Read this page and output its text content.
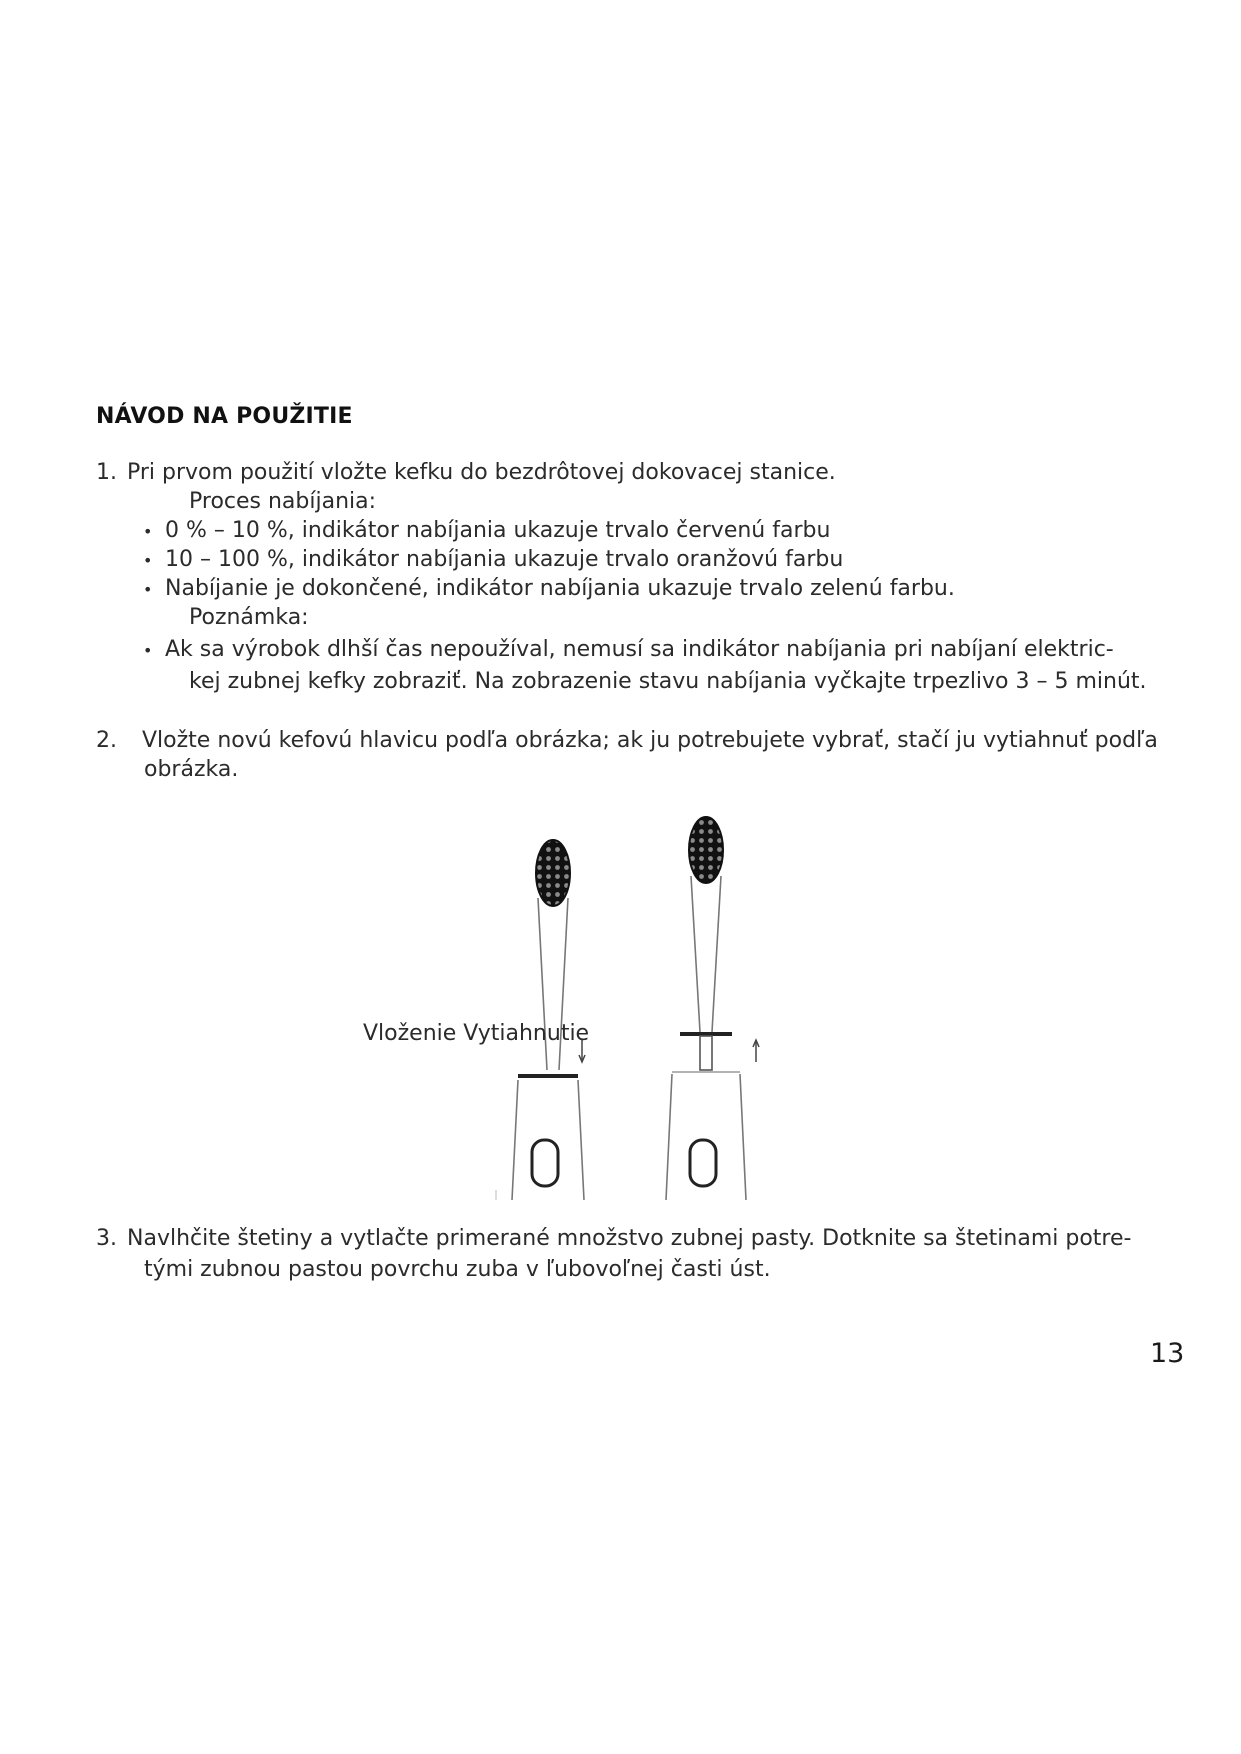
NÁVOD NA POUŽITIE
1. Pri prvom použití vložte kefku do bezdrôtovej dokovacej stanice.
Proces nabíjania:
• 0 % – 10 %, indikátor nabíjania ukazuje trvalo červenú farbu
• 10 – 100 %, indikátor nabíjania ukazuje trvalo oranžovú farbu
• Nabíjanie je dokončené, indikátor nabíjania ukazuje trvalo zelenú farbu.
Poznámka:
• Ak sa výrobok dlhší čas nepoužíval, nemusí sa indikátor nabíjania pri nabíjaní elektric-
kej zubnej kefky zobraziť. Na zobrazenie stavu nabíjania vyčkajte trpezlivo 3 – 5 minút.
2. Vložte novú kefovú hlavicu podľa obrázka; ak ju potrebujete vybrať, stačí ju vytiahnuť podľa
obrázka.
Vloženie Vytiahnutie
3. Navlhčite štetiny a vytlačte primerané množstvo zubnej pasty. Dotknite sa štetinami potre-
tými zubnou pastou povrchu zuba v ľubovoľnej časti úst.
13
